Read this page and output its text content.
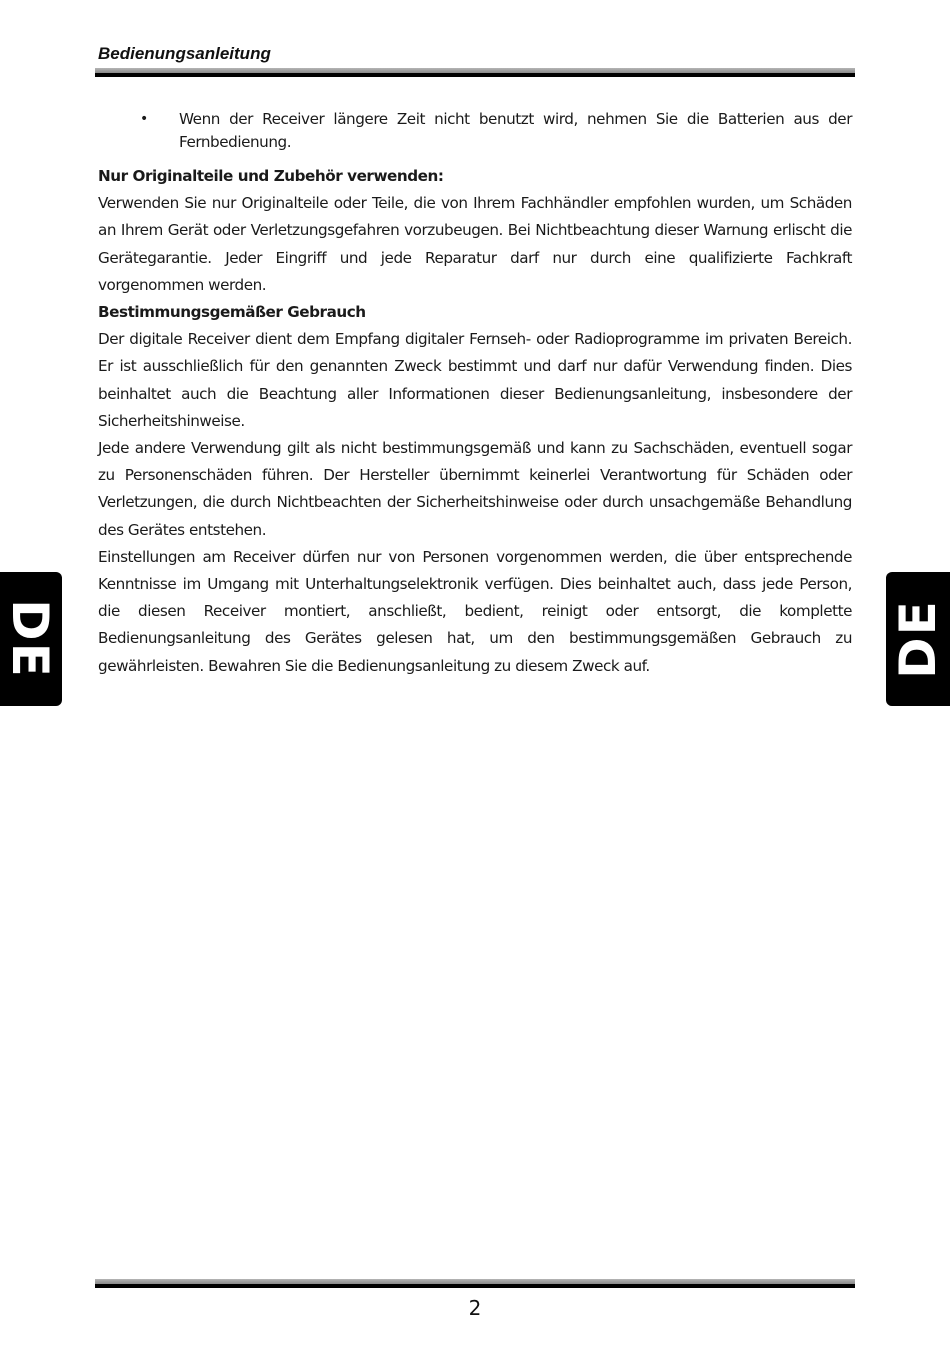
Bedienungsanleitung
• Wenn der Receiver längere Zeit nicht benutzt wird, nehmen Sie die Batterien aus der Fernbedienung.

Nur Originalteile und Zubehör verwenden:

Verwenden Sie nur Originalteile oder Teile, die von Ihrem Fachhändler empfohlen wurden, um Schäden an Ihrem Gerät oder Verletzungsgefahren vorzubeugen. Bei Nichtbeachtung dieser Warnung erlischt die Gerätegarantie. Jeder Eingriff und jede Reparatur darf nur durch eine qualifizierte Fachkraft vorgenommen werden.

Bestimmungsgemäßer Gebrauch

Der digitale Receiver dient dem Empfang digitaler Fernseh- oder Radioprogramme im privaten Bereich. Er ist ausschließlich für den genannten Zweck bestimmt und darf nur dafür Verwendung finden. Dies beinhaltet auch die Beachtung aller Informationen dieser Bedienungsanleitung, insbesondere der Sicherheitshinweise.

Jede andere Verwendung gilt als nicht bestimmungsgemäß und kann zu Sachschäden, eventuell sogar zu Personenschäden führen. Der Hersteller übernimmt keinerlei Verantwortung für Schäden oder Verletzungen, die durch Nichtbeachten der Sicherheitshinweise oder durch unsachgemäße Behandlung des Gerätes entstehen.

Einstellungen am Receiver dürfen nur von Personen vorgenommen werden, die über entsprechende Kenntnisse im Umgang mit Unterhaltungselektronik verfügen. Dies beinhaltet auch, dass jede Person, die diesen Receiver montiert, anschließt, bedient, reinigt oder entsorgt, die komplette Bedienungsanleitung des Gerätes gelesen hat, um den bestimmungsgemäßen Gebrauch zu gewährleisten. Bewahren Sie die Bedienungsanleitung zu diesem Zweck auf.

DE	DE
2
